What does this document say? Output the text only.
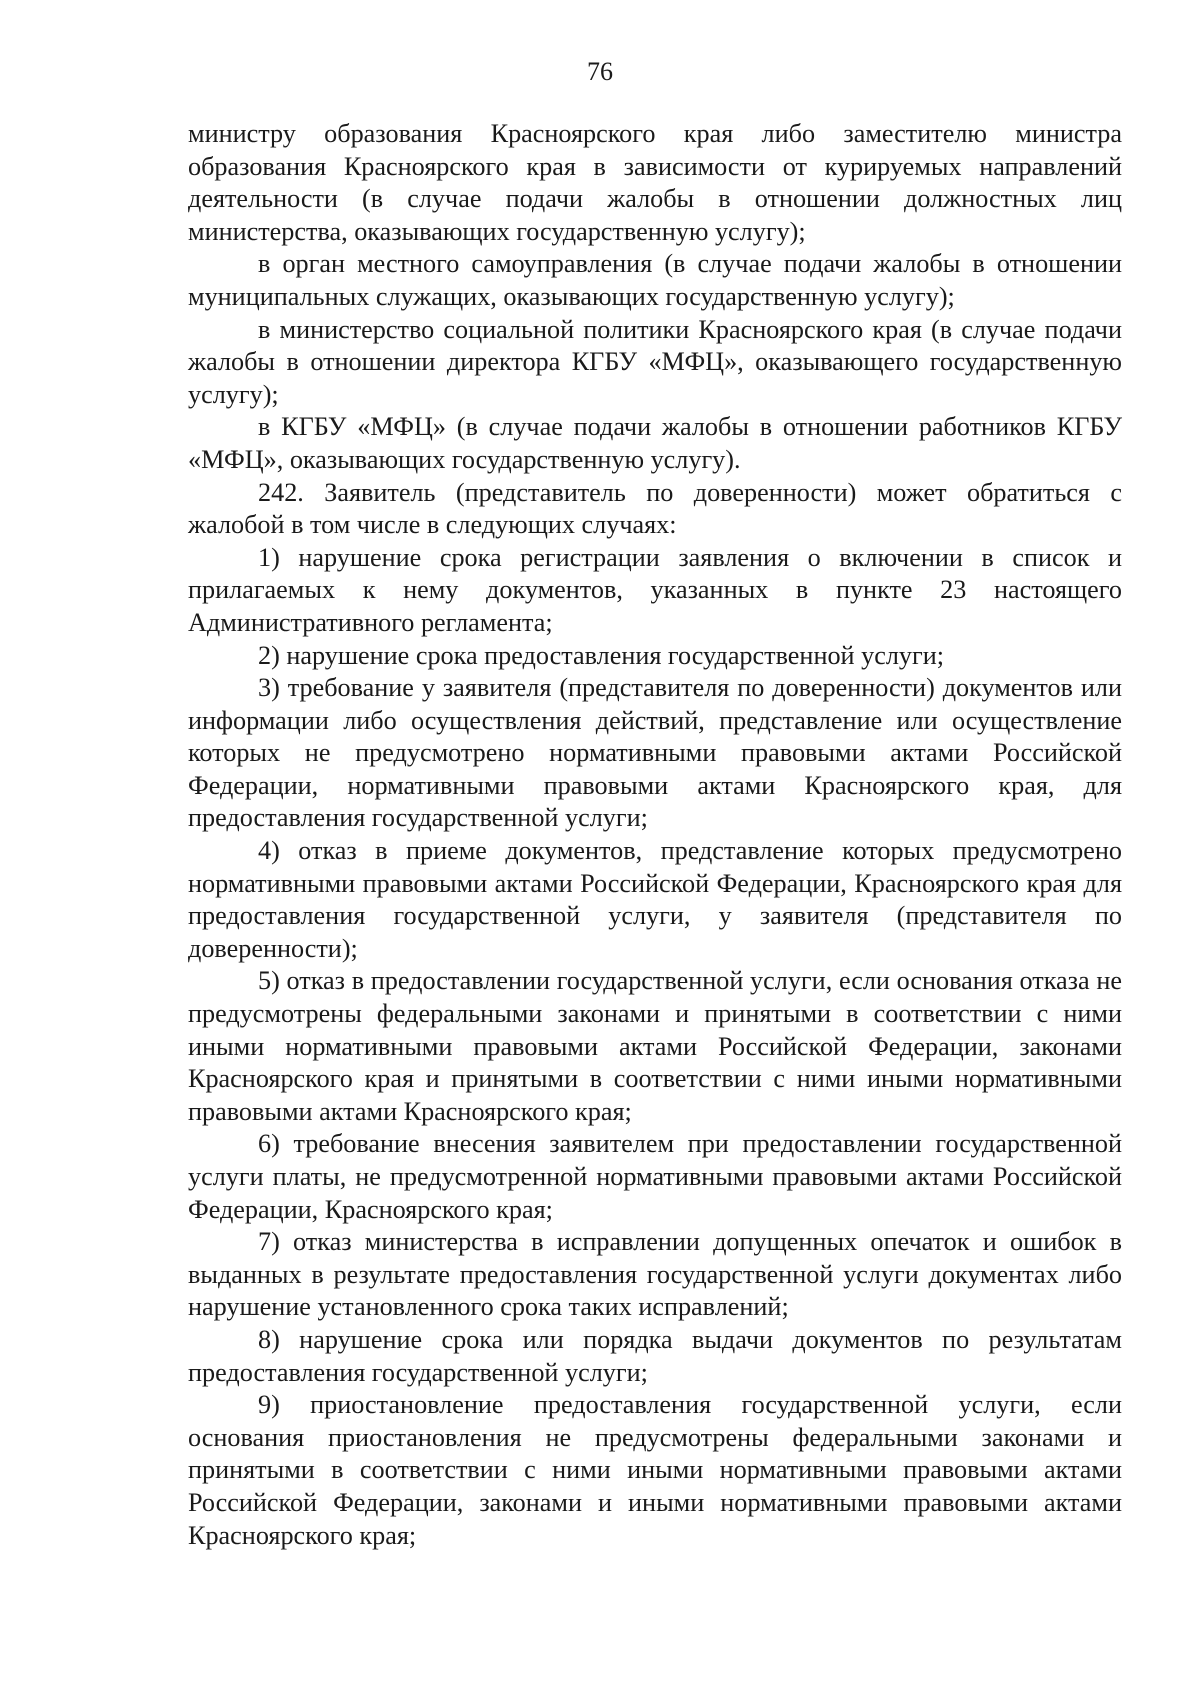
76

министру образования Красноярского края либо заместителю министра образования Красноярского края в зависимости от курируемых направлений деятельности (в случае подачи жалобы в отношении должностных лиц министерства, оказывающих государственную услугу);

в орган местного самоуправления (в случае подачи жалобы в отношении муниципальных служащих, оказывающих государственную услугу);

в министерство социальной политики Красноярского края (в случае подачи жалобы в отношении директора КГБУ «МФЦ», оказывающего государственную услугу);

в КГБУ «МФЦ» (в случае подачи жалобы в отношении работников КГБУ «МФЦ», оказывающих государственную услугу).

242. Заявитель (представитель по доверенности) может обратиться с жалобой в том числе в следующих случаях:

1) нарушение срока регистрации заявления о включении в список и прилагаемых к нему документов, указанных в пункте 23 настоящего Административного регламента;

2) нарушение срока предоставления государственной услуги;

3) требование у заявителя (представителя по доверенности) документов или информации либо осуществления действий, представление или осуществление которых не предусмотрено нормативными правовыми актами Российской Федерации, нормативными правовыми актами Красноярского края, для предоставления государственной услуги;

4) отказ в приеме документов, представление которых предусмотрено нормативными правовыми актами Российской Федерации, Красноярского края для предоставления государственной услуги, у заявителя (представителя по доверенности);

5) отказ в предоставлении государственной услуги, если основания отказа не предусмотрены федеральными законами и принятыми в соответствии с ними иными нормативными правовыми актами Российской Федерации, законами Красноярского края и принятыми в соответствии с ними иными нормативными правовыми актами Красноярского края;

6) требование внесения заявителем при предоставлении государственной услуги платы, не предусмотренной нормативными правовыми актами Российской Федерации, Красноярского края;

7) отказ министерства в исправлении допущенных опечаток и ошибок в выданных в результате предоставления государственной услуги документах либо нарушение установленного срока таких исправлений;

8) нарушение срока или порядка выдачи документов по результатам предоставления государственной услуги;

9) приостановление предоставления государственной услуги, если основания приостановления не предусмотрены федеральными законами и принятыми в соответствии с ними иными нормативными правовыми актами Российской Федерации, законами и иными нормативными правовыми актами Красноярского края;
